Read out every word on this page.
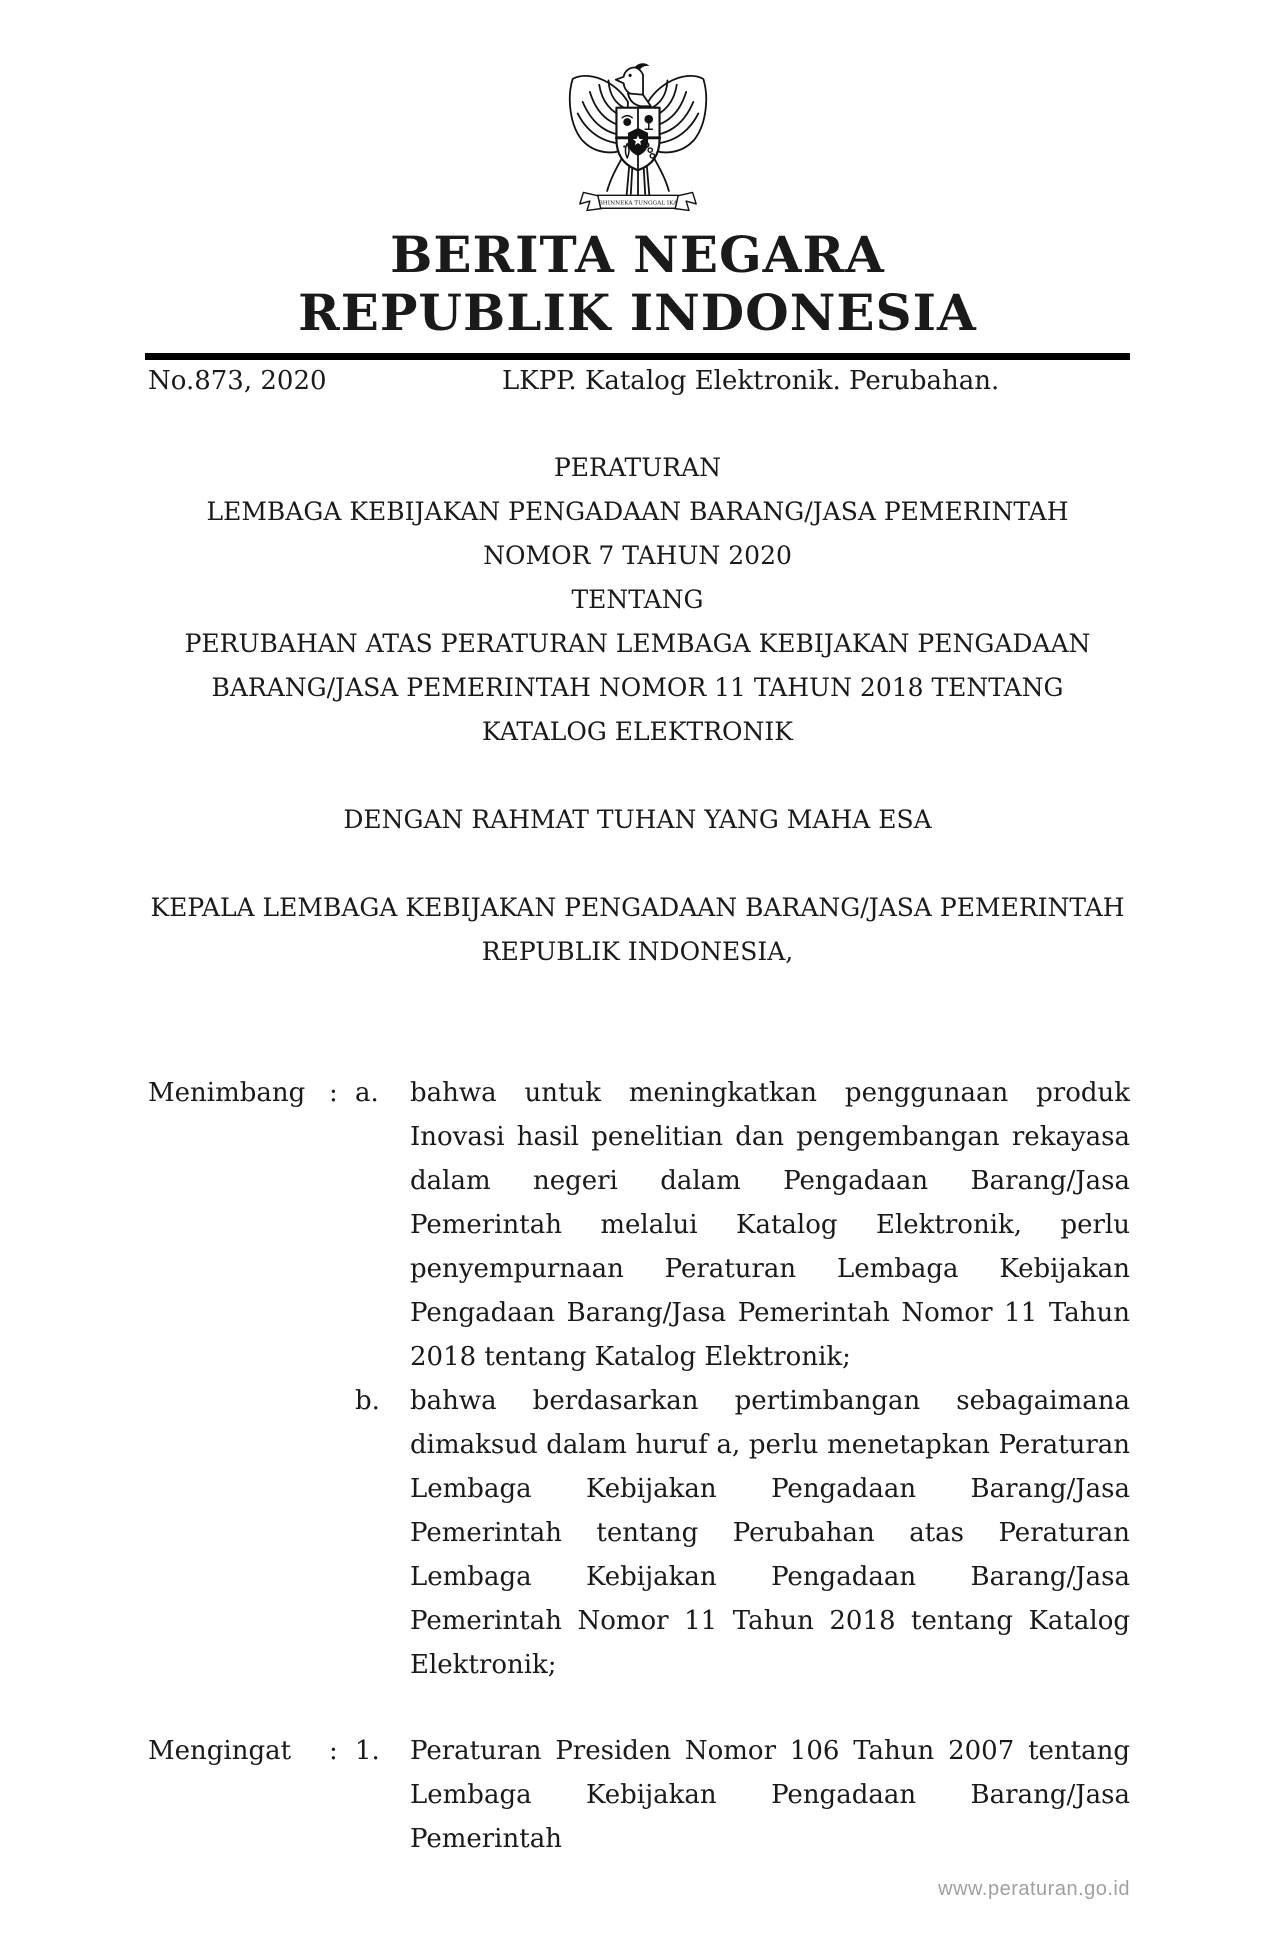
BHINNEKA TUNGGAL IKA
BERITA NEGARA
REPUBLIK INDONESIA
No.873, 2020	LKPP. Katalog Elektronik. Perubahan.
PERATURAN
LEMBAGA KEBIJAKAN PENGADAAN BARANG/JASA PEMERINTAH
NOMOR 7 TAHUN 2020
TENTANG
PERUBAHAN ATAS PERATURAN LEMBAGA KEBIJAKAN PENGADAAN
BARANG/JASA PEMERINTAH NOMOR 11 TAHUN 2018 TENTANG
KATALOG ELEKTRONIK
DENGAN RAHMAT TUHAN YANG MAHA ESA
KEPALA LEMBAGA KEBIJAKAN PENGADAAN BARANG/JASA PEMERINTAH
REPUBLIK INDONESIA,
Menimbang : a.	bahwa untuk meningkatkan penggunaan produk Inovasi hasil penelitian dan pengembangan rekayasa dalam negeri dalam Pengadaan Barang/Jasa Pemerintah melalui Katalog Elektronik, perlu penyempurnaan Peraturan Lembaga Kebijakan Pengadaan Barang/Jasa Pemerintah Nomor 11 Tahun 2018 tentang Katalog Elektronik;
b.	bahwa berdasarkan pertimbangan sebagaimana dimaksud dalam huruf a, perlu menetapkan Peraturan Lembaga Kebijakan Pengadaan Barang/Jasa Pemerintah tentang Perubahan atas Peraturan Lembaga Kebijakan Pengadaan Barang/Jasa Pemerintah Nomor 11 Tahun 2018 tentang Katalog Elektronik;
Mengingat	: 1.	Peraturan Presiden Nomor 106 Tahun 2007 tentang Lembaga Kebijakan Pengadaan Barang/Jasa Pemerintah
www.peraturan.go.id
